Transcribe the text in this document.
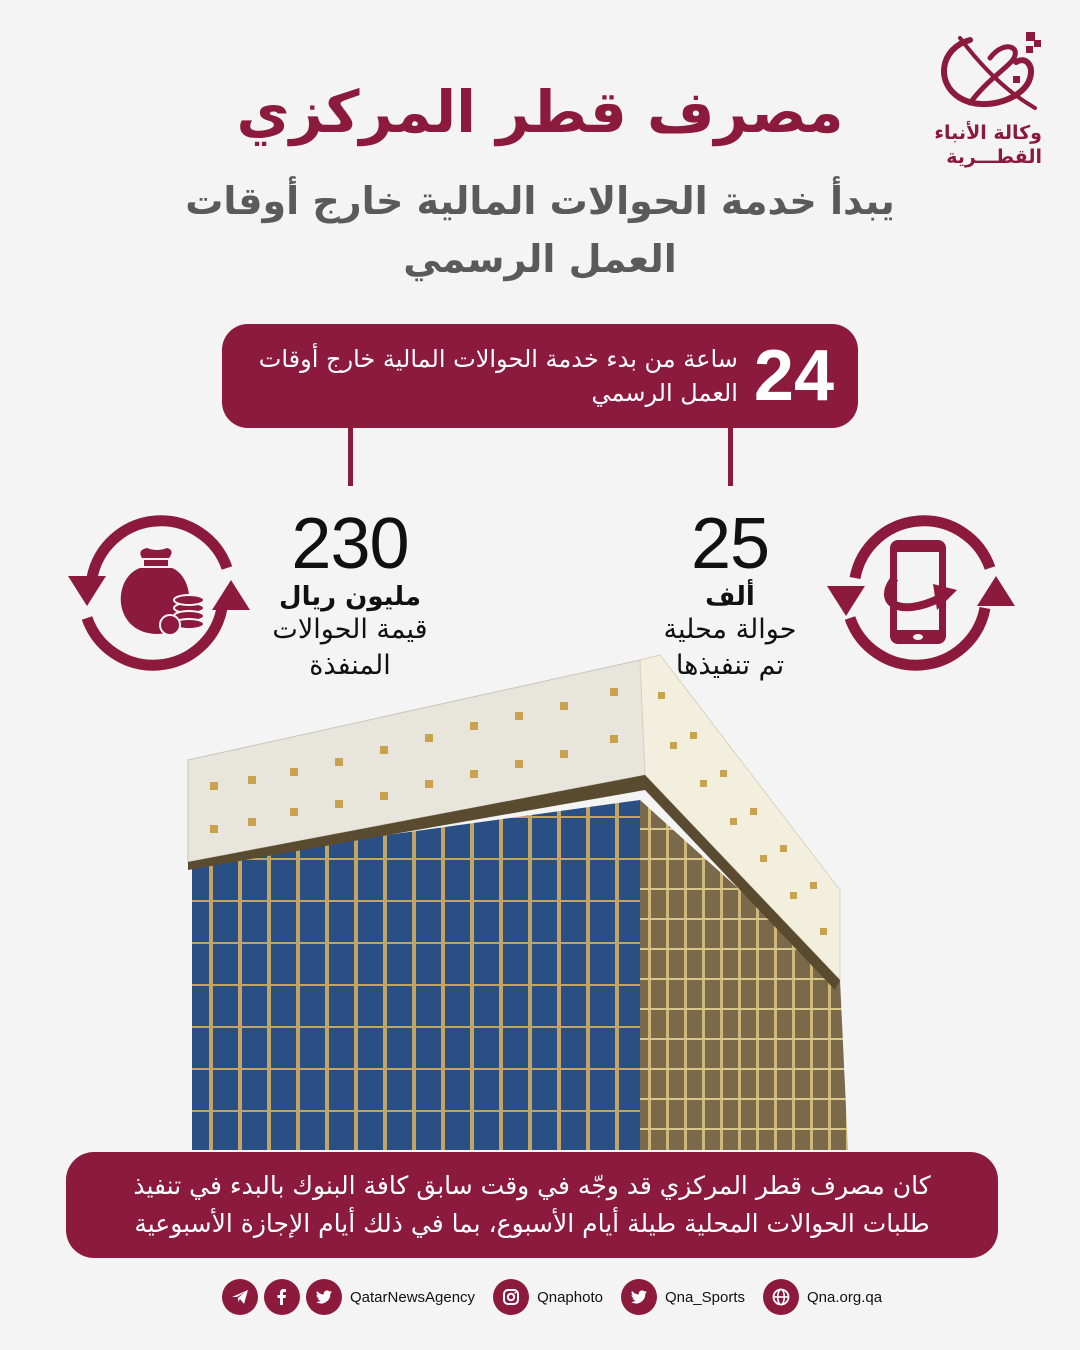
وكالة الأنباء
القطـــرية
مصرف قطر المركزي
يبدأ خدمة الحوالات المالية خارج أوقات العمل الرسمي
24
ساعة من بدء خدمة الحوالات المالية خارج أوقات العمل الرسمي
230
مليون ريال
قيمة الحوالات
المنفذة
25
ألف
حوالة محلية
تم تنفيذها
كان مصرف قطر المركزي قد وجّه في وقت سابق كافة البنوك بالبدء في تنفيذ
طلبات الحوالات المحلية طيلة أيام الأسبوع، بما في ذلك أيام الإجازة الأسبوعية
QatarNewsAgency	Qnaphoto	Qna_Sports	Qna.org.qa
